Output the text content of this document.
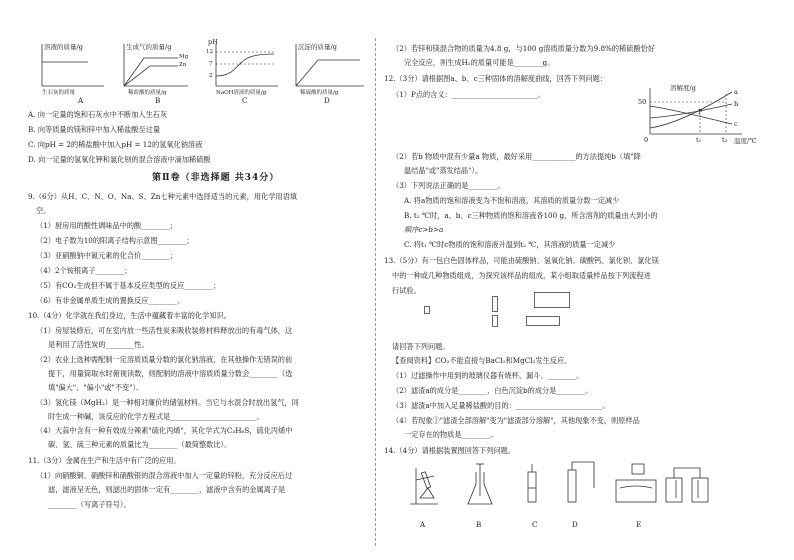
溶液的质量/g	生成气的质量/g
pH
沉淀的质量/g
Mg
Zn
12
7
2
生石灰的质量	稀盐酸的质量/g	NaOH溶液的质量/g	稀硫酸的质量/g
A	B	C	D
A. 向一定量的饱和石灰水中不断加入生石灰
B. 向等质量的镁和锌中加入稀盐酸至过量
C. 向pH = 2的稀盐酸中加入pH = 12的氢氧化钠溶液
D. 向一定量的氢氧化钾和氯化钡的混合溶液中滴加稀硫酸
第Ⅱ卷（非选择题 共34分）
9.（6分）从H、C、N、O、Na、S、Zn七种元素中选择适当的元素，用化学用语填
空。
（1）厨房用的酸性调味品中的酸________；
（2）电子数为10的阳离子结构示意图________；
（3）亚硝酸钠中氮元素的化合价________；
（4）2个铵根离子________；
（5）有CO₂生成但不属于基本反应类型的反应________；
（6）有非金属单质生成的置换反应________。
10.（4分）化学就在我们身边，生活中蕴藏着丰富的化学知识。
（1）房屋装修后，可在室内放一些活性炭来吸收装修材料释放出的有毒气体，这
是利用了活性炭的________性。
（2）农业上选种需配制一定溶质质量分数的氯化钠溶液，在其他操作无错误的前
提下，用量筒取水时俯视读数，则配制的溶液中溶质质量分数会________（选
填"偏大"、"偏小"或"不变"）。
（3）氢化镁（MgH₂）是一种相对廉价的储氢材料。当它与水混合时放出氢气，同
时生成一种碱，该反应的化学方程式是________________________。
（4）大蒜中含有一种有效成分辣素"硫化丙烯"，其化学式为C₃H₆S，硫化丙烯中
碳、氢、硫三种元素的质量比为________（最简整数比）。
11.（3分）金属在生产和生活中有广泛的应用。
（1）向硝酸铜、硝酸锌和硝酸银的混合溶液中加入一定量的锌粉，充分反应后过
滤，滤液呈无色，则滤出的固体一定有________，滤液中含有的金属离子是
________（写离子符号）。
（2）若锌和镁混合物的质量为4.8 g，与100 g溶质质量分数为9.8%的稀硫酸恰好
完全反应，则生成H₂的质量可能是________g。
12.（3分）请根据图a、b、c三种固体的溶解度曲线，回答下列问题：
（1）P点的含义：________________________。
溶解度/g
50
a
b
c
P
0	t₁	t₂ 温度/℃
（2）若b 物质中混有少量a 物质，最好采用____________的方法提纯b（填"降
温结晶"或"蒸发结晶"）。
（3）下列说法正确的是________。
A. 将a物质的饱和溶液变为不饱和溶液，其溶质的质量分数一定减少
B. t₂ ℃时，a、b、c三种物质的饱和溶液各100 g，所含溶剂的质量由大到小的
顺序c>b>a
C. 将t₁ ℃时c物质的饱和溶液升温到t₂ ℃，其溶液的质量一定减少
13.（5分）有一包白色固体样品，可能由硫酸钠、氢氧化钠、碳酸钙、氯化钡、氯化镁
中的一种或几种物质组成，为探究该样品的组成，某小组取适量样品按下列流程进
行试验。
请回答下列问题。
【查阅资料】CO₂不能直接与BaCl₂和MgCl₂发生反应。
（1）过滤操作中用到的玻璃仪器有烧杯、漏斗、________。
（2）滤渣a的成分是________，白色沉淀b的成分是________。
（3）滤渣a中加入足量稀盐酸的目的：________________________。
（4）若现象①"滤渣全部溶解"变为"滤渣部分溶解"，其他现象不变，则原样品
一定存在的物质是________。
14.（4分）请根据装置图回答下列问题。
A	B	C	D	E
